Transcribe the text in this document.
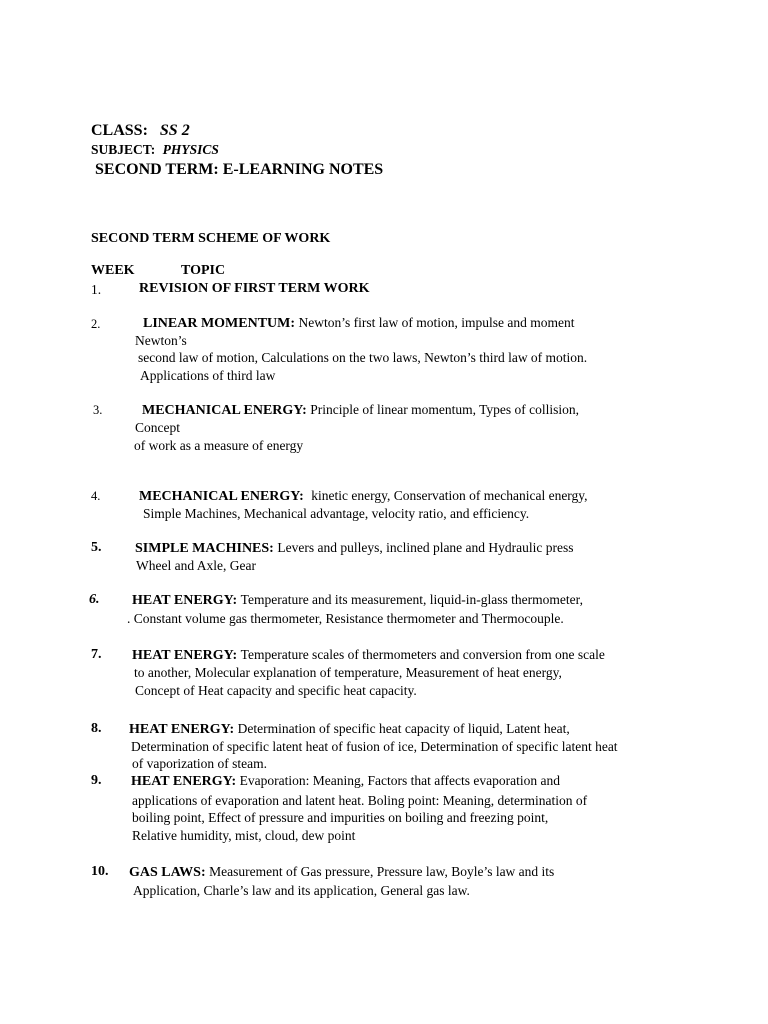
CLASS: SS 2
SUBJECT: PHYSICS
SECOND TERM: E-LEARNING NOTES
SECOND TERM SCHEME OF WORK
WEEK	TOPIC
1.	REVISION OF FIRST TERM WORK
2.	LINEAR MOMENTUM: Newton’s first law of motion, impulse and moment
Newton’s
second law of motion, Calculations on the two laws, Newton’s third law of motion.
Applications of third law
3.	MECHANICAL ENERGY: Principle of linear momentum, Types of collision,
Concept
of work as a measure of energy
4.	MECHANICAL ENERGY: kinetic energy, Conservation of mechanical energy,
Simple Machines, Mechanical advantage, velocity ratio, and efficiency.
5. SIMPLE MACHINES: Levers and pulleys, inclined plane and Hydraulic press
Wheel and Axle, Gear
6. HEAT ENERGY: Temperature and its measurement, liquid-in-glass thermometer,
. Constant volume gas thermometer, Resistance thermometer and Thermocouple.
7. HEAT ENERGY: Temperature scales of thermometers and conversion from one scale
to another, Molecular explanation of temperature, Measurement of heat energy,
Concept of Heat capacity and specific heat capacity.
8. HEAT ENERGY: Determination of specific heat capacity of liquid, Latent heat,
Determination of specific latent heat of fusion of ice, Determination of specific latent heat
of vaporization of steam.
9. HEAT ENERGY: Evaporation: Meaning, Factors that affects evaporation and
applications of evaporation and latent heat. Boling point: Meaning, determination of
boiling point, Effect of pressure and impurities on boiling and freezing point,
Relative humidity, mist, cloud, dew point
10. GAS LAWS: Measurement of Gas pressure, Pressure law, Boyle’s law and its
Application, Charle’s law and its application, General gas law.
